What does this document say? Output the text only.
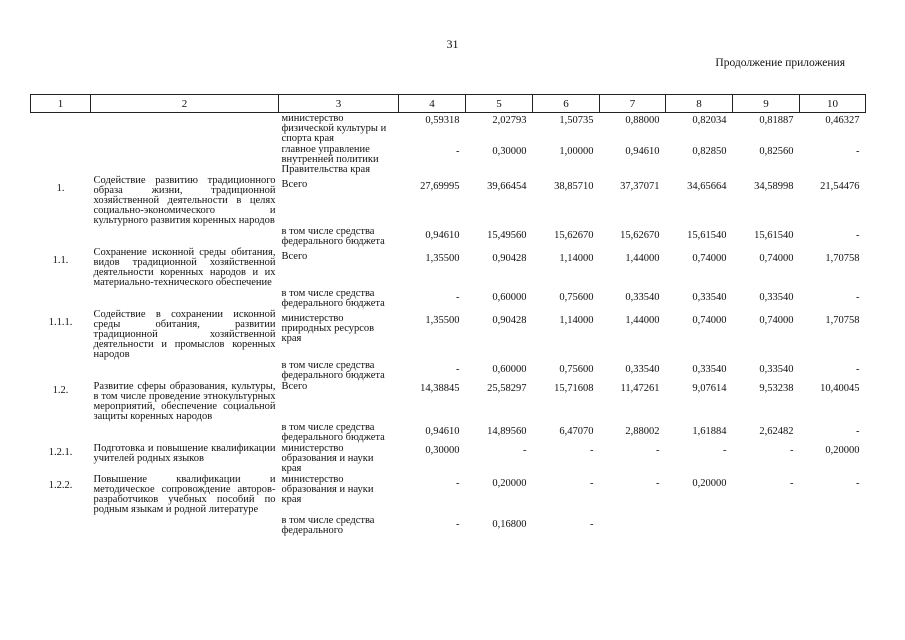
31
Продолжение приложения
1	2	3	4	5	6	7	8	9	10
		министерство физической культуры и спорта края	0,59318	2,02793	1,50735	0,88000	0,82034	0,81887	0,46327
		главное управление внутренней политики Правительства края	-	0,30000	1,00000	0,94610	0,82850	0,82560	-
1.	Содействие развитию традиционного образа жизни, традиционной хозяйственной деятельности в целях социально-экономического и культурного развития коренных народов	Всего	27,69995	39,66454	38,85710	37,37071	34,65664	34,58998	21,54476
		в том числе средства федерального бюджета	0,94610	15,49560	15,62670	15,62670	15,61540	15,61540	-
1.1.	Сохранение исконной среды обитания, видов традиционной хозяйственной деятельности коренных народов и их материально-технического обеспечение	Всего	1,35500	0,90428	1,14000	1,44000	0,74000	0,74000	1,70758
		в том числе средства федерального бюджета	-	0,60000	0,75600	0,33540	0,33540	0,33540	-
1.1.1.	Содействие в сохранении исконной среды обитания, развитии традиционной хозяйственной деятельности и промыслов коренных народов	министерство природных ресурсов края	1,35500	0,90428	1,14000	1,44000	0,74000	0,74000	1,70758
		в том числе средства федерального бюджета	-	0,60000	0,75600	0,33540	0,33540	0,33540	-
1.2.	Развитие сферы образования, культуры, в том числе проведение этнокультурных мероприятий, обеспечение социальной защиты коренных народов	Всего	14,38845	25,58297	15,71608	11,47261	9,07614	9,53238	10,40045
		в том числе средства федерального бюджета	0,94610	14,89560	6,47070	2,88002	1,61884	2,62482	-
1.2.1.	Подготовка и повышение квалификации учителей родных языков	министерство образования и науки края	0,30000	-	-	-	-	-	0,20000
1.2.2.	Повышение квалификации и методическое сопровождение авторов-разработчиков учебных пособий по родным языкам и родной литературе	министерство образования и науки края	-	0,20000	-	-	0,20000	-	-
		в том числе средства федерального	-	0,16800	-				
